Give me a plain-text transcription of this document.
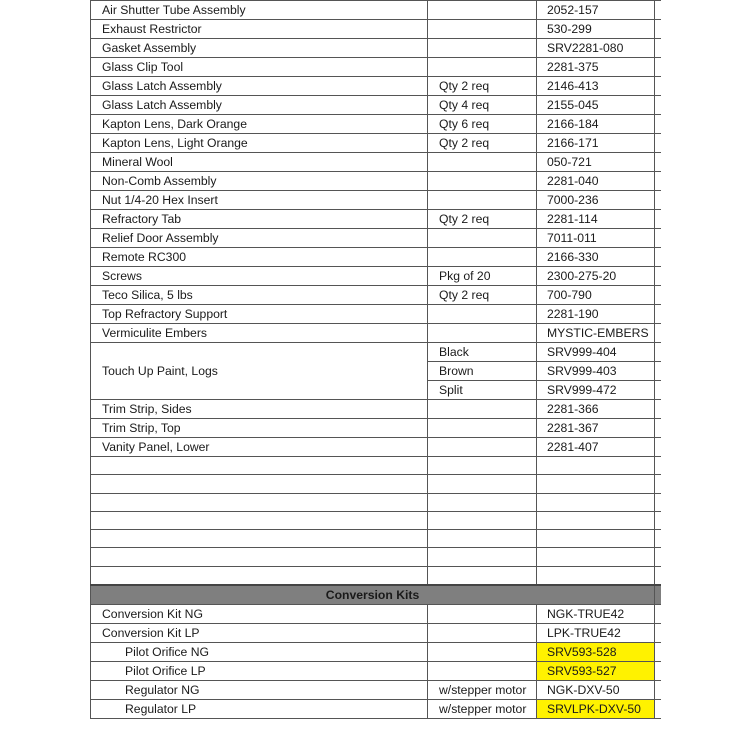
Air Shutter Tube Assembly		2052-157	
Exhaust Restrictor		530-299	
Gasket Assembly		SRV2281-080	
Glass Clip Tool		2281-375	
Glass Latch Assembly	Qty 2 req	2146-413	
Glass Latch Assembly	Qty 4 req	2155-045	
Kapton Lens, Dark Orange	Qty 6 req	2166-184	
Kapton Lens, Light Orange	Qty 2 req	2166-171	
Mineral Wool		050-721	
Non-Comb Assembly		2281-040	
Nut 1/4-20 Hex Insert		7000-236	
Refractory Tab	Qty 2 req	2281-114	
Relief Door Assembly		7011-011	
Remote RC300		2166-330	
Screws	Pkg of 20	2300-275-20	
Teco Silica, 5 lbs	Qty 2 req	700-790	
Top Refractory Support		2281-190	
Vermiculite Embers		MYSTIC-EMBERS	
Touch Up Paint, Logs	Black	SRV999-404	
	Brown	SRV999-403	
	Split	SRV999-472	
Trim Strip, Sides		2281-366	
Trim Strip, Top		2281-367	
Vanity Panel, Lower		2281-407	

Conversion Kits			
Conversion Kit NG		NGK-TRUE42	
Conversion Kit LP		LPK-TRUE42	
Pilot Orifice NG		SRV593-528	
Pilot Orifice LP		SRV593-527	
Regulator NG	w/stepper motor	NGK-DXV-50	
Regulator LP	w/stepper motor	SRVLPK-DXV-50	
